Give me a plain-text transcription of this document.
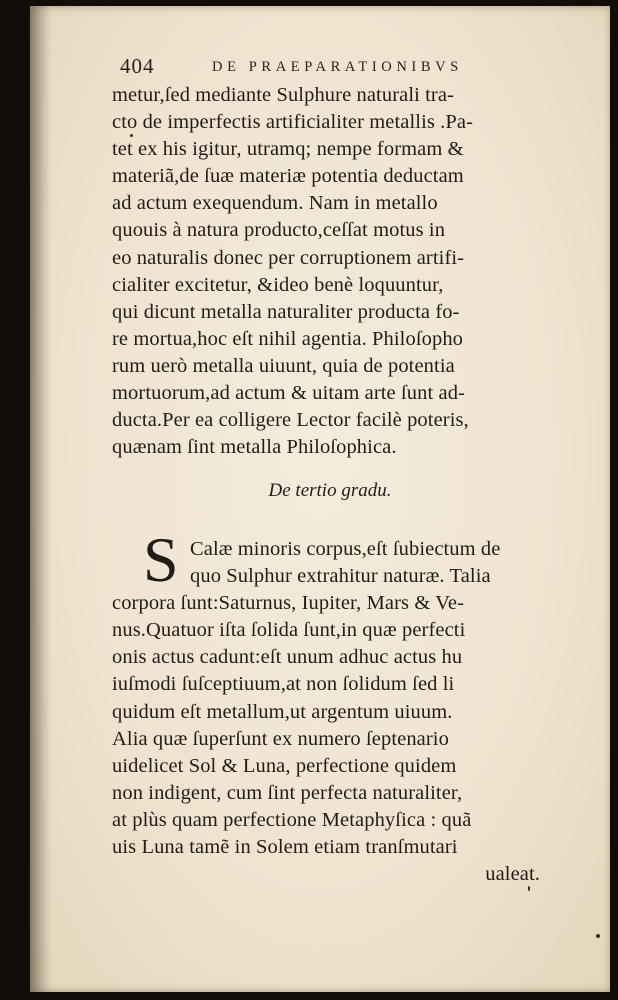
404	DE PRAEPARATIONIBVS
metur,ſed mediante Sulphure naturali tra-
cto de imperfectis artificialiter metallis .Pa-
tet ex his igitur, utramq; nempe formam &
materiã,de ſuæ materiæ potentia deductam
ad actum exequendum. Nam in metallo
quouis à natura producto,ceſſat motus in
eo naturalis donec per corruptionem artifi-
cialiter excitetur, &ideo benè loquuntur,
qui dicunt metalla naturaliter producta fo-
re mortua,hoc eſt nihil agentia. Philoſopho
rum uerò metalla uiuunt, quia de potentia
mortuorum,ad actum & uitam arte ſunt ad-
ducta.Per ea colligere Lector facilè poteris,
quænam ſint metalla Philoſophica.
De tertio gradu.
S Calæ minoris corpus,eſt ſubiectum de
quo Sulphur extrahitur naturæ. Talia
corpora ſunt:Saturnus, Iupiter, Mars & Ve-
nus.Quatuor iſta ſolida ſunt,in quæ perfecti
onis actus cadunt:eſt unum adhuc actus hu
iuſmodi ſuſceptiuum,at non ſolidum ſed li
quidum eſt metallum,ut argentum uiuum.
Alia quæ ſuperſunt ex numero ſeptenario
uidelicet Sol & Luna, perfectione quidem
non indigent, cum ſint perfecta naturaliter,
at plùs quam perfectione Metaphyſica : quã
uis Luna tamẽ in Solem etiam tranſmutari
ualeat.
